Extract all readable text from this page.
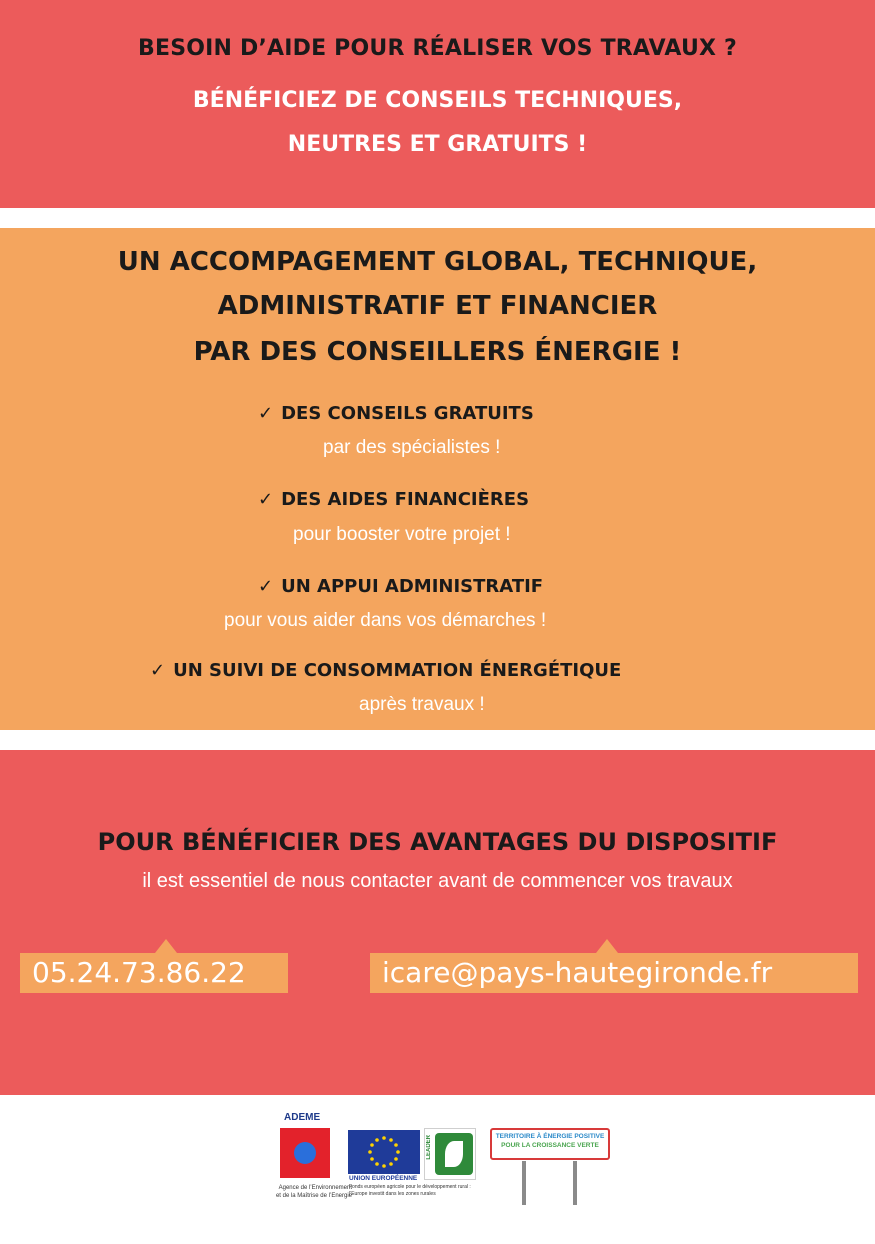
BESOIN D’AIDE POUR RÉALISER VOS TRAVAUX ?
BÉNÉFICIEZ DE CONSEILS TECHNIQUES,
NEUTRES ET GRATUITS !
UN ACCOMPAGEMENT GLOBAL, TECHNIQUE,
ADMINISTRATIF ET FINANCIER
PAR DES CONSEILLERS ÉNERGIE !
✓ DES CONSEILS GRATUITS
par des spécialistes !
✓ DES AIDES FINANCIÈRES
pour booster votre projet !
✓ UN APPUI ADMINISTRATIF
pour vous aider dans vos démarches !
✓ UN SUIVI DE CONSOMMATION ÉNERGÉTIQUE
après travaux !
POUR BÉNÉFICIER DES AVANTAGES DU DISPOSITIF
il est essentiel de nous contacter avant de commencer vos travaux
05.24.73.86.22	icare@pays-hautegironde.fr
ADEME
Agence de l’Environnement
et de la Maîtrise de l’Energie
UNION EUROPÉENNE
LEADER
Fonds européen agricole pour le développement rural :
l’Europe investit dans les zones rurales
TERRITOIRE À ÉNERGIE POSITIVE
POUR LA CROISSANCE VERTE
